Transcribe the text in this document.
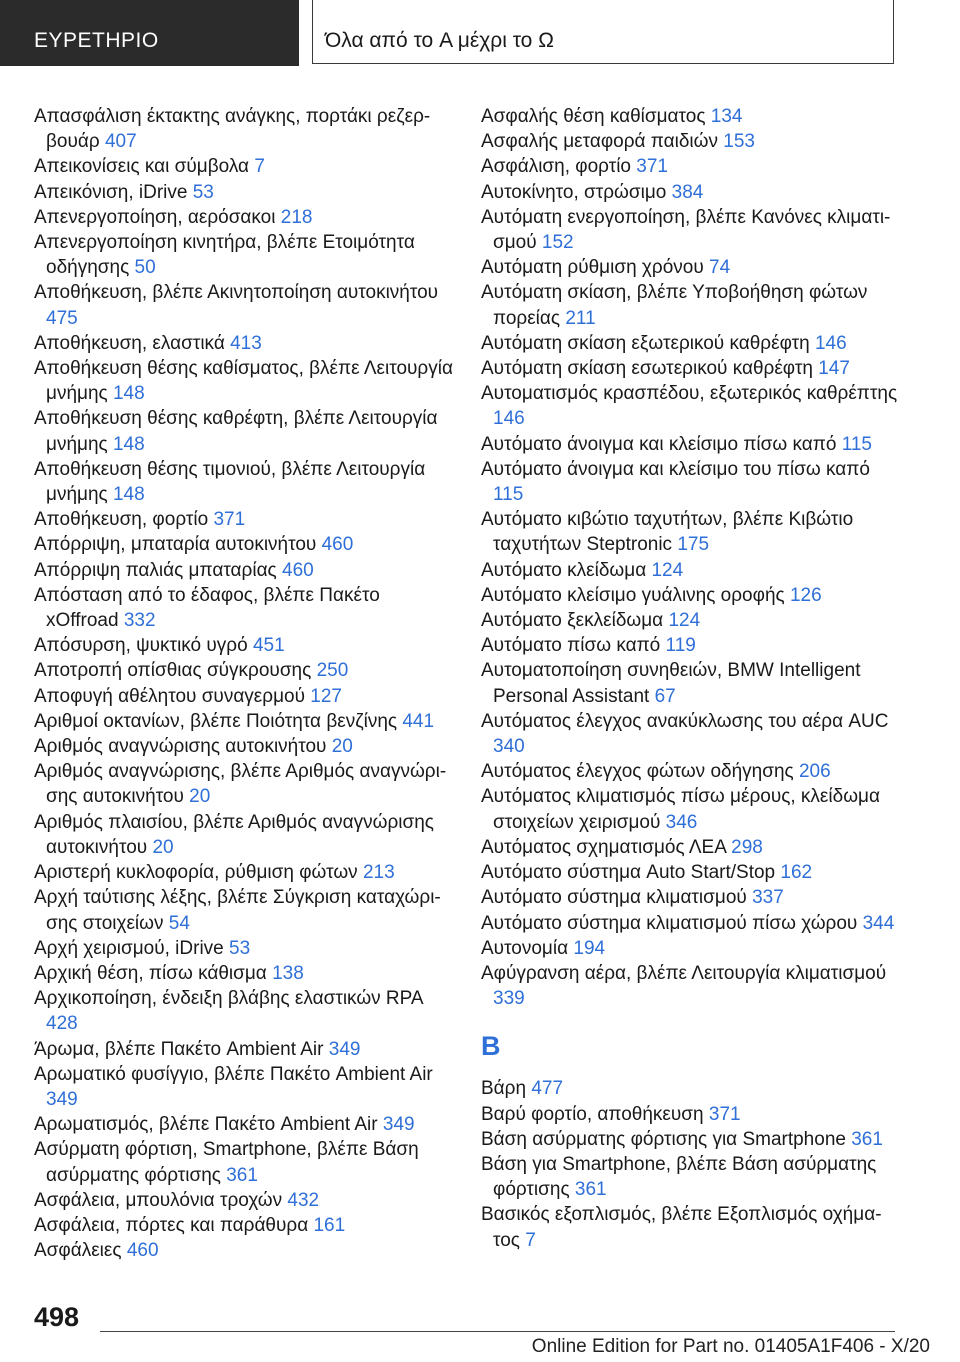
ΕΥΡΕΤΗΡΙΟ	Όλα από το A μέχρι το Ω
Απασφάλιση έκτακτης ανάγκης, πορτάκι ρεζερβουάρ 407
Απεικονίσεις και σύμβολα 7
Απεικόνιση, iDrive 53
Απενεργοποίηση, αερόσακοι 218
Απενεργοποίηση κινητήρα, βλέπε Ετοιμότητα οδήγησης 50
Αποθήκευση, βλέπε Ακινητοποίηση αυτοκινήτου 475
Αποθήκευση, ελαστικά 413
Αποθήκευση θέσης καθίσματος, βλέπε Λειτουργία μνήμης 148
Αποθήκευση θέσης καθρέφτη, βλέπε Λειτουργία μνήμης 148
Αποθήκευση θέσης τιμονιού, βλέπε Λειτουργία μνήμης 148
Αποθήκευση, φορτίο 371
Απόρριψη, μπαταρία αυτοκινήτου 460
Απόρριψη παλιάς μπαταρίας 460
Απόσταση από το έδαφος, βλέπε Πακέτο xOffroad 332
Απόσυρση, ψυκτικό υγρό 451
Αποτροπή οπίσθιας σύγκρουσης 250
Αποφυγή αθέλητου συναγερμού 127
Αριθμοί οκτανίων, βλέπε Ποιότητα βενζίνης 441
Αριθμός αναγνώρισης αυτοκινήτου 20
Αριθμός αναγνώρισης, βλέπε Αριθμός αναγνώρισης αυτοκινήτου 20
Αριθμός πλαισίου, βλέπε Αριθμός αναγνώρισης αυτοκινήτου 20
Αριστερή κυκλοφορία, ρύθμιση φώτων 213
Αρχή ταύτισης λέξης, βλέπε Σύγκριση καταχώρισης στοιχείων 54
Αρχή χειρισμού, iDrive 53
Αρχική θέση, πίσω κάθισμα 138
Αρχικοποίηση, ένδειξη βλάβης ελαστικών RPA 428
Άρωμα, βλέπε Πακέτο Ambient Air 349
Αρωματικό φυσίγγιο, βλέπε Πακέτο Ambient Air 349
Αρωματισμός, βλέπε Πακέτο Ambient Air 349
Ασύρματη φόρτιση, Smartphone, βλέπε Βάση ασύρματης φόρτισης 361
Ασφάλεια, μπουλόνια τροχών 432
Ασφάλεια, πόρτες και παράθυρα 161
Ασφάλειες 460
Ασφαλής θέση καθίσματος 134
Ασφαλής μεταφορά παιδιών 153
Ασφάλιση, φορτίο 371
Αυτοκίνητο, στρώσιμο 384
Αυτόματη ενεργοποίηση, βλέπε Κανόνες κλιματισμού 152
Αυτόματη ρύθμιση χρόνου 74
Αυτόματη σκίαση, βλέπε Υποβοήθηση φώτων πορείας 211
Αυτόματη σκίαση εξωτερικού καθρέφτη 146
Αυτόματη σκίαση εσωτερικού καθρέφτη 147
Αυτοματισμός κρασπέδου, εξωτερικός καθρέπτης 146
Αυτόματο άνοιγμα και κλείσιμο πίσω καπό 115
Αυτόματο άνοιγμα και κλείσιμο του πίσω καπό 115
Αυτόματο κιβώτιο ταχυτήτων, βλέπε Κιβώτιο ταχυτήτων Steptronic 175
Αυτόματο κλείδωμα 124
Αυτόματο κλείσιμο γυάλινης οροφής 126
Αυτόματο ξεκλείδωμα 124
Αυτόματο πίσω καπό 119
Αυτοματοποίηση συνηθειών, BMW Intelligent Personal Assistant 67
Αυτόματος έλεγχος ανακύκλωσης του αέρα AUC 340
Αυτόματος έλεγχος φώτων οδήγησης 206
Αυτόματος κλιματισμός πίσω μέρους, κλείδωμα στοιχείων χειρισμού 346
Αυτόματος σχηματισμός ΛΕΑ 298
Αυτόματο σύστημα Auto Start/Stop 162
Αυτόματο σύστημα κλιματισμού 337
Αυτόματο σύστημα κλιματισμού πίσω χώρου 344
Αυτονομία 194
Αφύγρανση αέρα, βλέπε Λειτουργία κλιματισμού 339
B
Βάρη 477
Βαρύ φορτίο, αποθήκευση 371
Βάση ασύρματης φόρτισης για Smartphone 361
Βάση για Smartphone, βλέπε Βάση ασύρματης φόρτισης 361
Βασικός εξοπλισμός, βλέπε Εξοπλισμός οχήματος 7
498
Online Edition for Part no. 01405A1F406 - X/20
